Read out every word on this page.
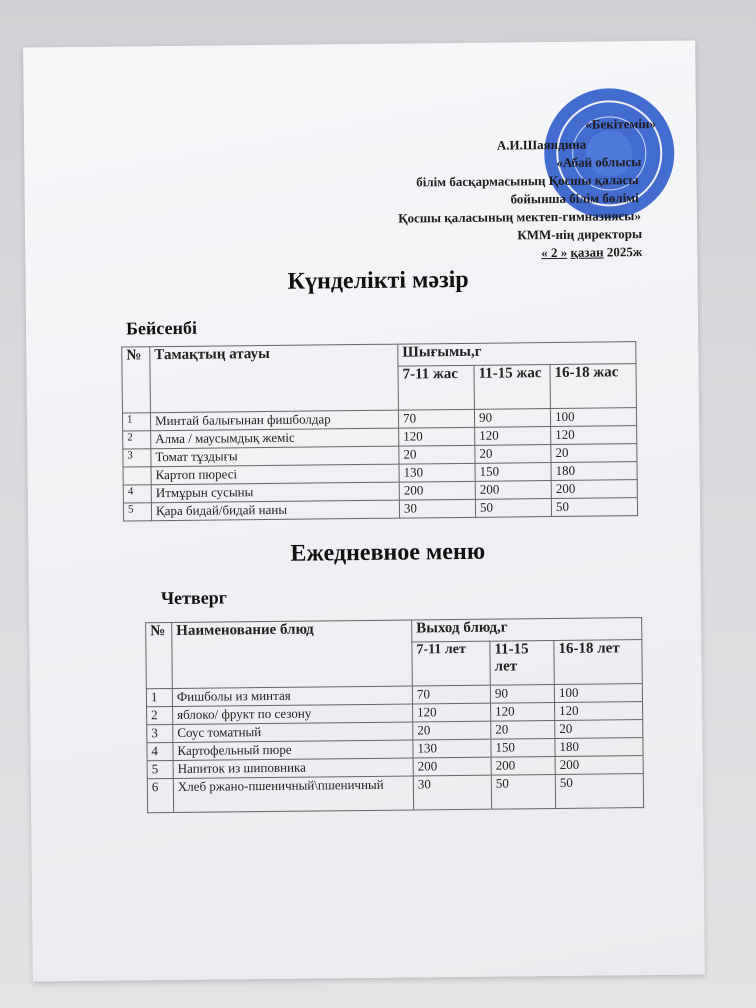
«Бекітемін»
А.И.Шаяндина
«Абай облысы
білім басқармасының Қосшы қаласы
бойынша білім бөлімі
Қосшы қаласының мектеп-гимназиясы»
КММ-нің директоры
« 2 » қазан 2025ж
Күнделікті мәзір
Бейсенбі
№	Тамақтың атауы	Шығымы,г		
		7-11 жас	11-15 жас	16-18 жас
1	Минтай балығынан фишболдар	70	90	100
2	Алма / маусымдық жеміс	120	120	120
3	Томат тұздығы	20	20	20
	Картоп пюресі	130	150	180
4	Итмұрын сусыны	200	200	200
5	Қара бидай/бидай наны	30	50	50
Ежедневное меню
Четверг
№	Наименование блюд	Выход блюд,г		
		7-11 лет	11-15 лет	16-18 лет
1	Фишболы из минтая	70	90	100
2	яблоко/ фрукт по сезону	120	120	120
3	Соус томатный	20	20	20
4	Картофельный пюре	130	150	180
5	Напиток из шиповника	200	200	200
6	Хлеб ржано-пшеничный\пшеничный	30	50	50
